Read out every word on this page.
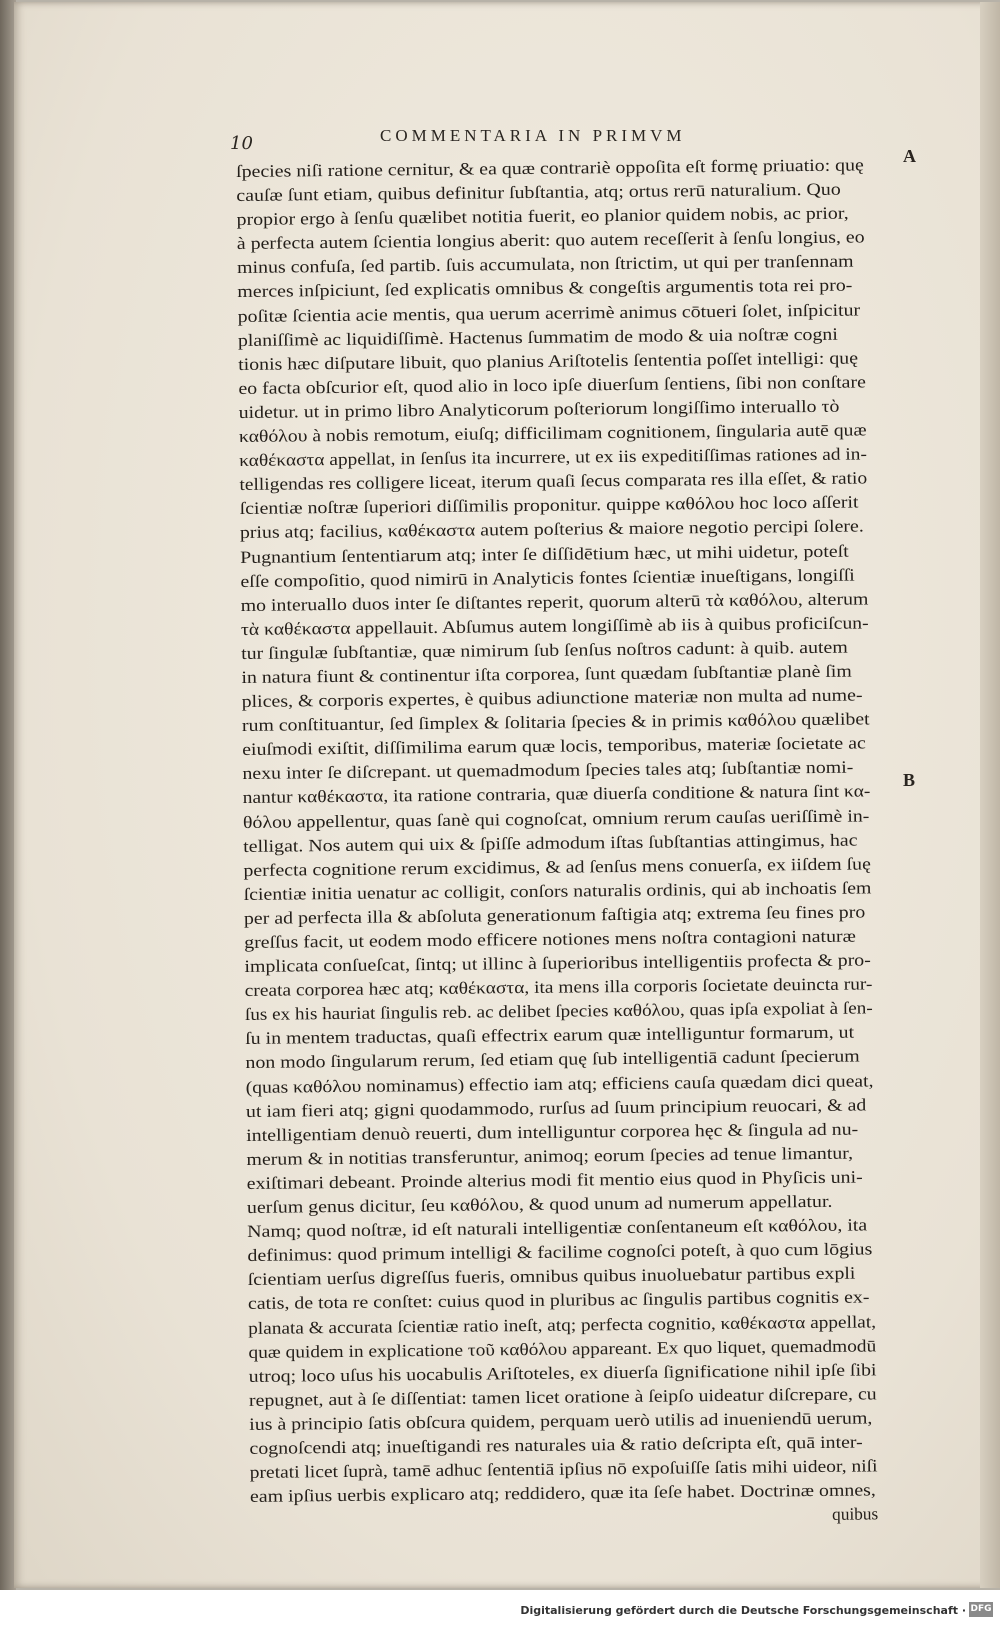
10	COMMENTARIA IN PRIMVM

ſpecies niſi ratione cernitur, & ea quæ contrariè oppoſita eſt formę priuatio: quę
cauſæ ſunt etiam, quibus definitur ſubſtantia, atq; ortus rerū naturalium. Quo
propior ergo à ſenſu quælibet notitia fuerit, eo planior quidem nobis, ac prior,
à perfecta autem ſcientia longius aberit: quo autem receſſerit à ſenſu longius, eo
minus confuſa, ſed partib. ſuis accumulata, non ſtrictim, ut qui per tranſennam
merces inſpiciunt, ſed explicatis omnibus & congeſtis argumentis tota rei pro-
poſitæ ſcientia acie mentis, qua uerum acerrimè animus cōtueri ſolet, inſpicitur
planiſſimè ac liquidiſſimè. Hactenus ſummatim de modo & uia noſtræ cogni
tionis hæc diſputare libuit, quo planius Ariſtotelis ſententia poſſet intelligi: quę
eo facta obſcurior eſt, quod alio in loco ipſe diuerſum ſentiens, ſibi non conſtare
uidetur. ut in primo libro Analyticorum poſteriorum longiſſimo interuallo τὸ
καθόλου à nobis remotum, eiuſq; difficilimam cognitionem, ſingularia autē quæ
καθέκαστα appellat, in ſenſus ita incurrere, ut ex iis expeditiſſimas rationes ad in-
telligendas res colligere liceat, iterum quaſi ſecus comparata res illa eſſet, & ratio
ſcientiæ noſtræ ſuperiori diſſimilis proponitur. quippe καθόλου hoc loco aſſerit
prius atq; facilius, καθέκαστα autem poſterius & maiore negotio percipi ſolere.
Pugnantium ſententiarum atq; inter ſe diſſidētium hæc, ut mihi uidetur, poteſt
eſſe compoſitio, quod nimirū in Analyticis fontes ſcientiæ inueſtigans, longiſſi
mo interuallo duos inter ſe diſtantes reperit, quorum alterū τὰ καθόλου, alterum
τὰ καθέκαστα appellauit. Abſumus autem longiſſimè ab iis à quibus proficiſcun-
tur ſingulæ ſubſtantiæ, quæ nimirum ſub ſenſus noſtros cadunt: à quib. autem
in natura fiunt & continentur iſta corporea, ſunt quædam ſubſtantiæ planè ſim
plices, & corporis expertes, è quibus adiunctione materiæ non multa ad nume-
rum conſtituantur, ſed ſimplex & ſolitaria ſpecies & in primis καθόλου quælibet
eiuſmodi exiſtit, diſſimilima earum quæ locis, temporibus, materiæ ſocietate ac
nexu inter ſe diſcrepant. ut quemadmodum ſpecies tales atq; ſubſtantiæ nomi-
nantur καθέκαστα, ita ratione contraria, quæ diuerſa conditione & natura ſint κα-
θόλου appellentur, quas ſanè qui cognoſcat, omnium rerum cauſas ueriſſimè in-
telligat. Nos autem qui uix & ſpiſſe admodum iſtas ſubſtantias attingimus, hac
perfecta cognitione rerum excidimus, & ad ſenſus mens conuerſa, ex iiſdem ſuę
ſcientiæ initia uenatur ac colligit, conſors naturalis ordinis, qui ab inchoatis ſem
per ad perfecta illa & abſoluta generationum faſtigia atq; extrema ſeu fines pro
greſſus facit, ut eodem modo efficere notiones mens noſtra contagioni naturæ
implicata conſueſcat, ſintq; ut illinc à ſuperioribus intelligentiis profecta & pro-
creata corporea hæc atq; καθέκαστα, ita mens illa corporis ſocietate deuincta rur-
ſus ex his hauriat ſingulis reb. ac delibet ſpecies καθόλου, quas ipſa expoliat à ſen-
ſu in mentem traductas, quaſi effectrix earum quæ intelliguntur formarum, ut
non modo ſingularum rerum, ſed etiam quę ſub intelligentiā cadunt ſpecierum
(quas καθόλου nominamus) effectio iam atq; efficiens cauſa quædam dici queat,
ut iam fieri atq; gigni quodammodo, rurſus ad ſuum principium reuocari, & ad
intelligentiam denuò reuerti, dum intelliguntur corporea hęc & ſingula ad nu-
merum & in notitias transferuntur, animoq; eorum ſpecies ad tenue limantur,
exiſtimari debeant. Proinde alterius modi fit mentio eius quod in Phyſicis uni-
uerſum genus dicitur, ſeu καθόλου, & quod unum ad numerum appellatur.
Namq; quod noſtræ, id eſt naturali intelligentiæ conſentaneum eſt καθόλου, ita
definimus: quod primum intelligi & facilime cognoſci poteſt, à quo cum lōgius
ſcientiam uerſus digreſſus fueris, omnibus quibus inuoluebatur partibus expli
catis, de tota re conſtet: cuius quod in pluribus ac ſingulis partibus cognitis ex-
planata & accurata ſcientiæ ratio ineſt, atq; perfecta cognitio, καθέκαστα appellat,
quæ quidem in explicatione τοῦ καθόλου appareant. Ex quo liquet, quemadmodū
utroq; loco uſus his uocabulis Ariſtoteles, ex diuerſa ſignificatione nihil ipſe ſibi
repugnet, aut à ſe diſſentiat: tamen licet oratione à ſeipſo uideatur diſcrepare, cu
ius à principio ſatis obſcura quidem, perquam uerò utilis ad inueniendū uerum,
cognoſcendi atq; inueſtigandi res naturales uia & ratio deſcripta eſt, quā inter-
pretati licet ſuprà, tamē adhuc ſententiā ipſius nō expoſuiſſe ſatis mihi uideor, niſi
eam ipſius uerbis explicaro atq; reddidero, quæ ita ſeſe habet. Doctrinæ omnes,
quibus
A
B
Digitalisierung gefördert durch die Deutsche Forschungsgemeinschaft · DFG
